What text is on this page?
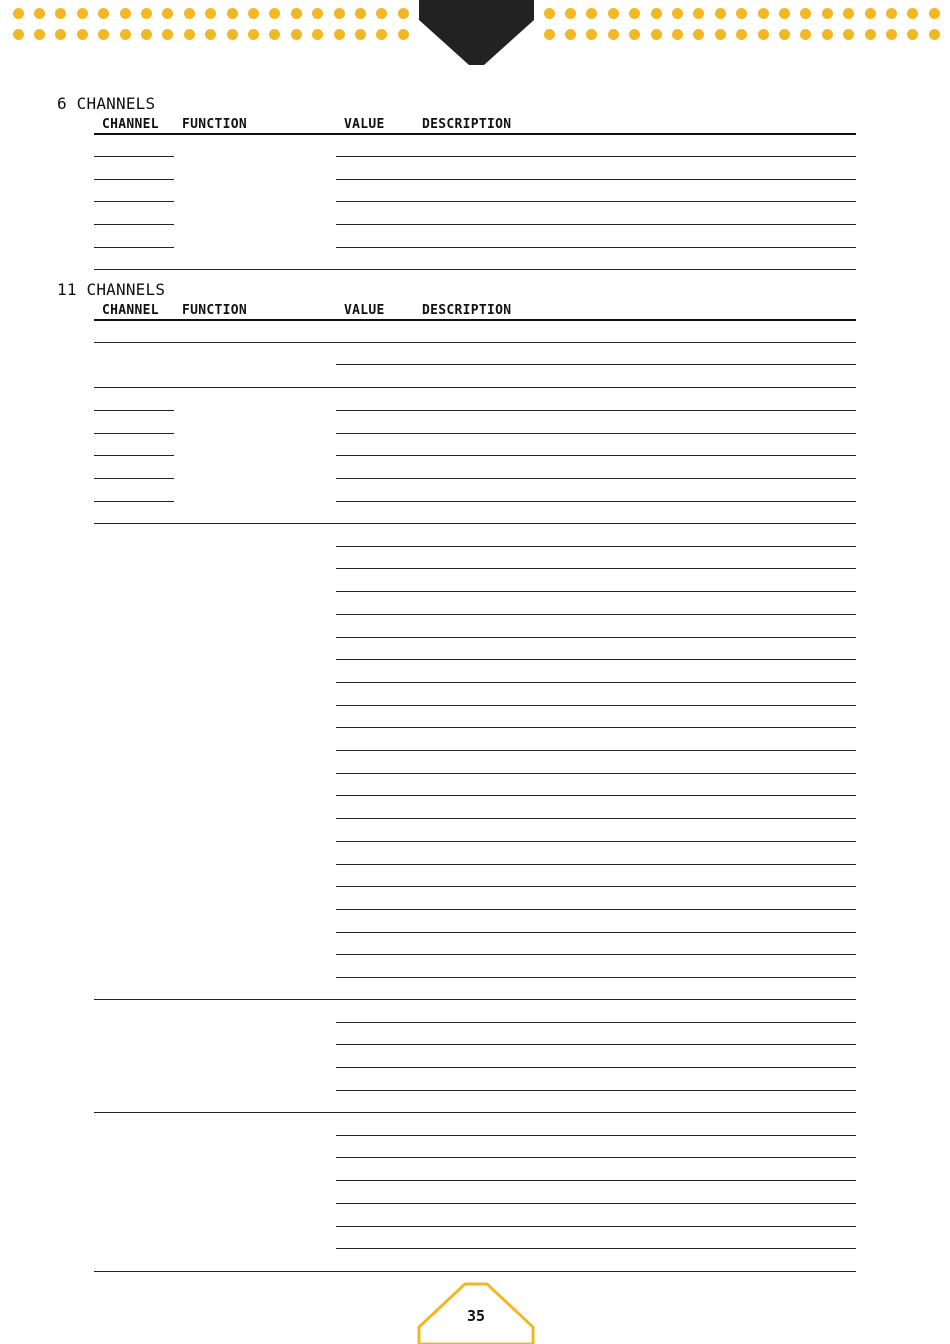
6 CHANNELS
CHANNEL FUNCTION	VALUE	DESCRIPTION
11 CHANNELS
CHANNEL FUNCTION	VALUE	DESCRIPTION
35
